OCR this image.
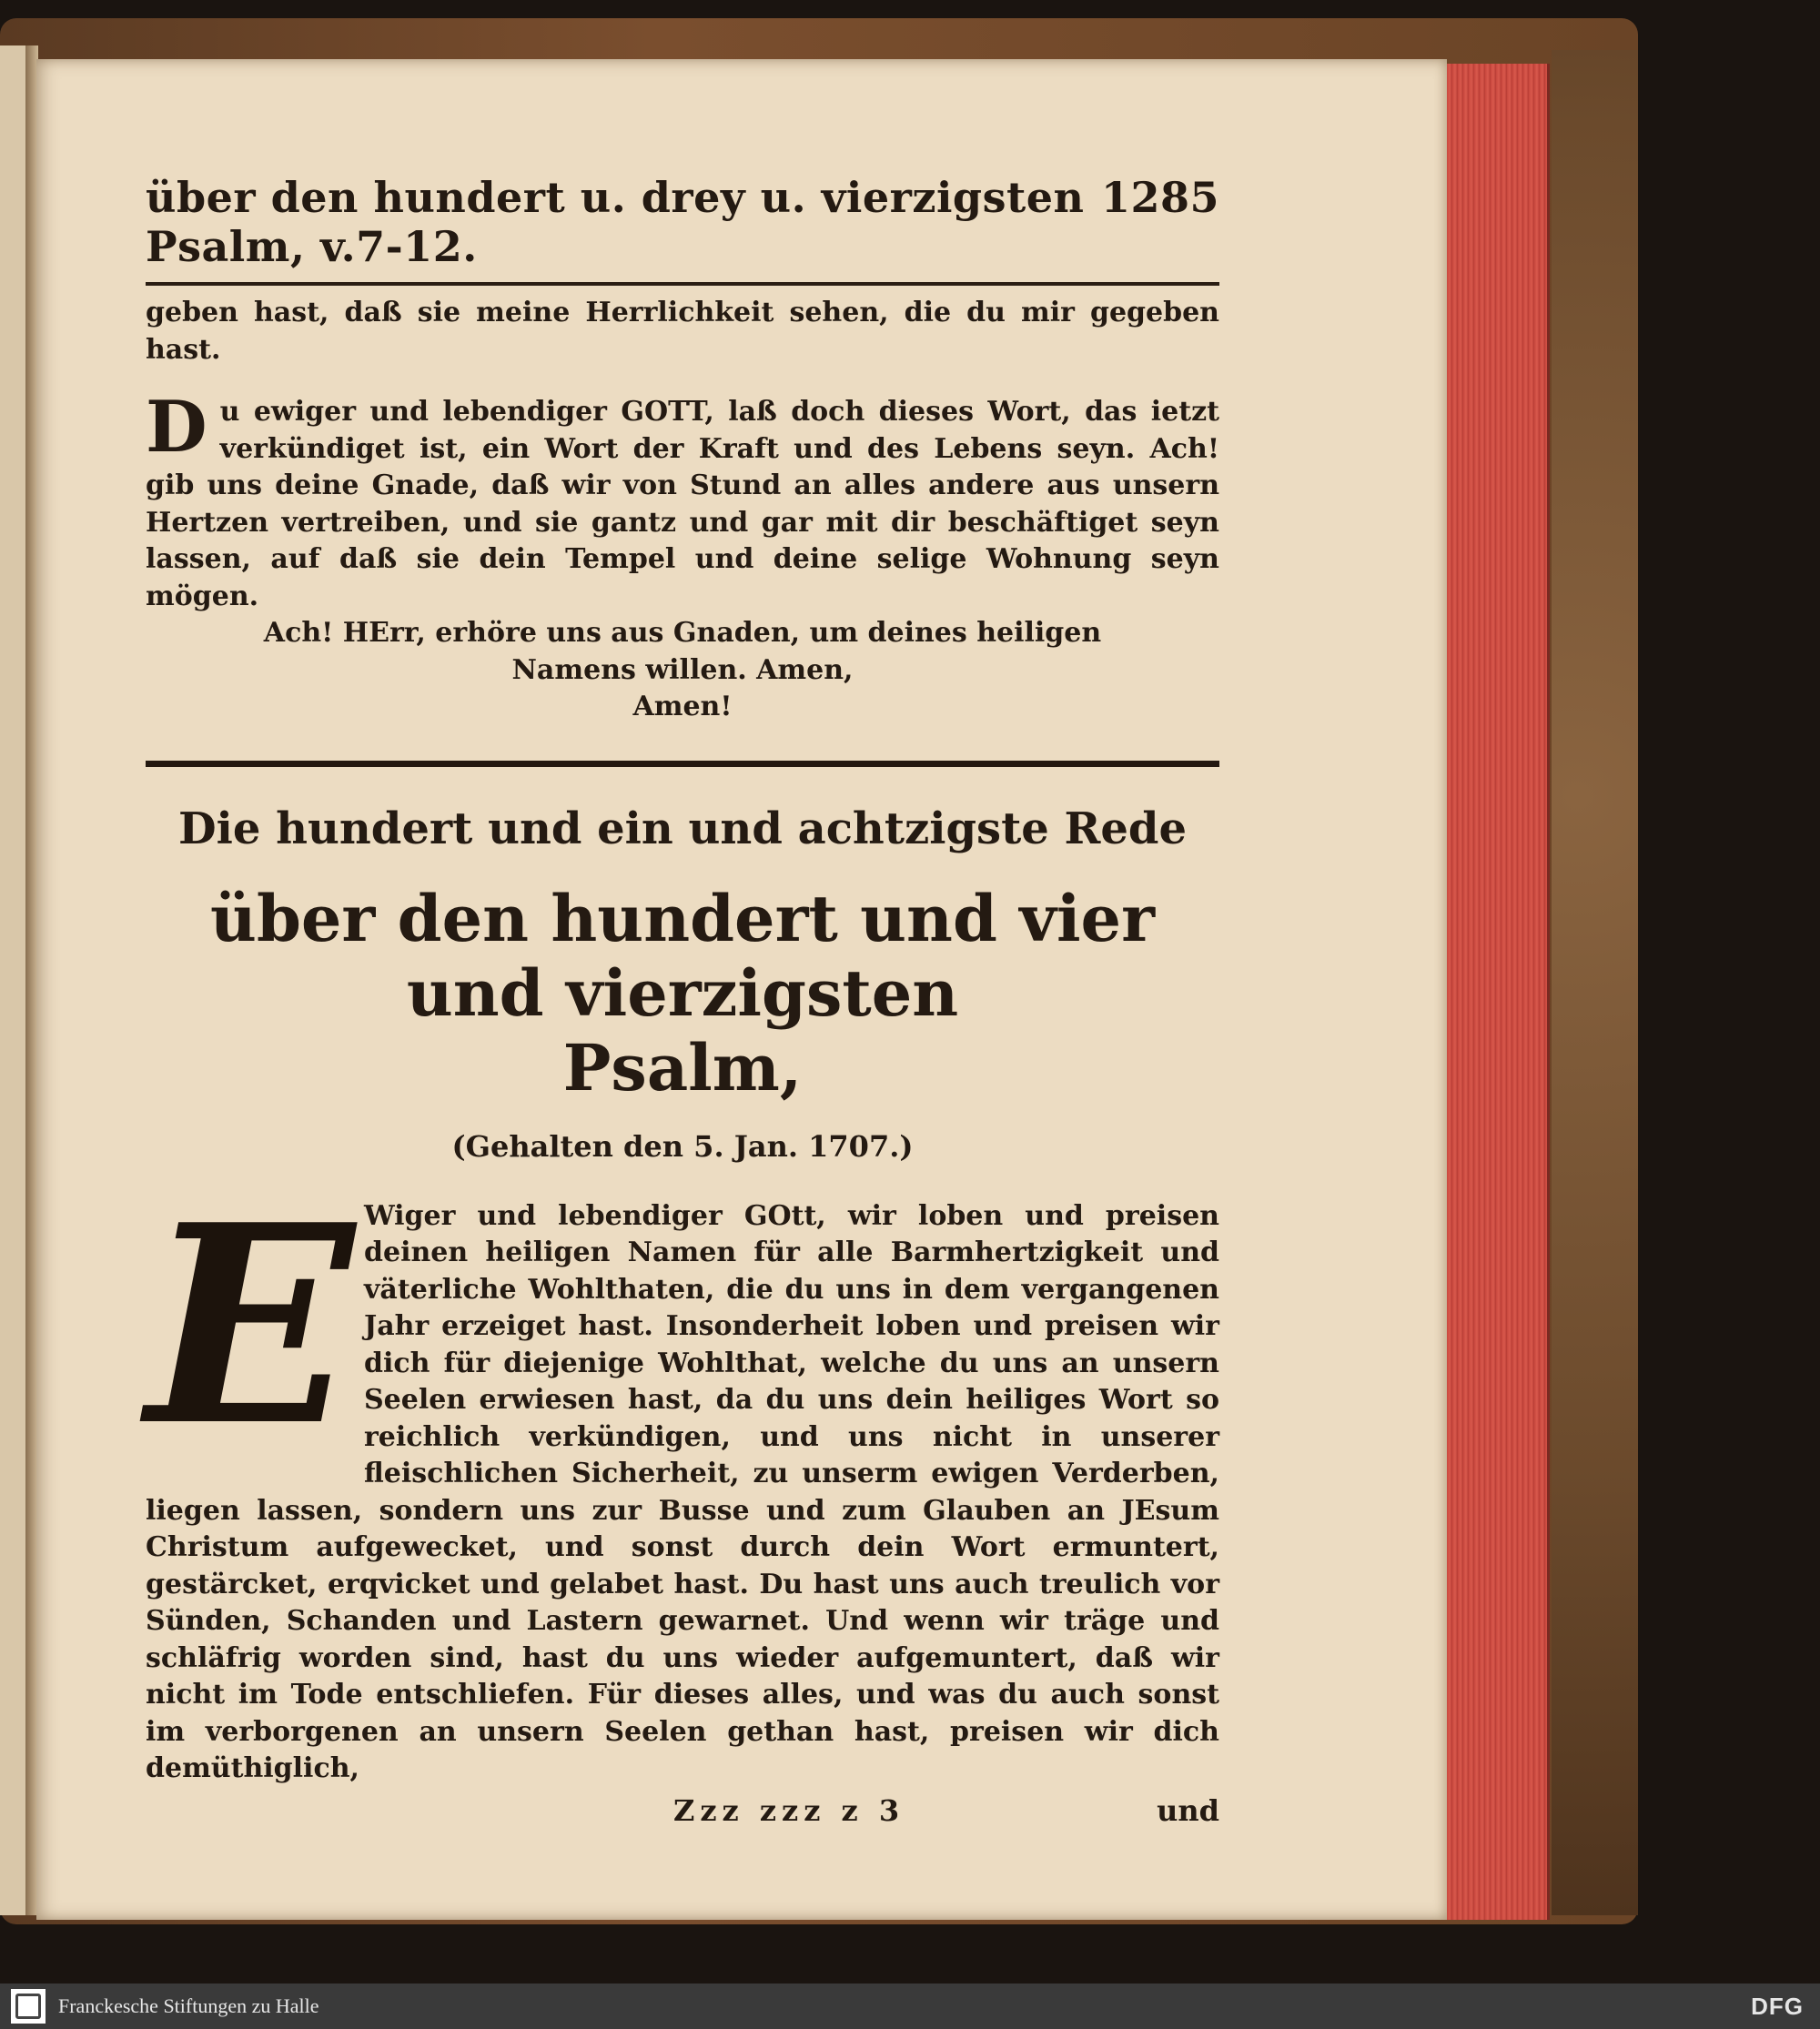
über den hundert u. drey u. vierzigsten Psalm, v.7-12.
1285

geben hast, daß sie meine Herrlichkeit sehen, die du mir gegeben hast.

D u ewiger und lebendiger GOTT, laß doch dieses Wort, das ietzt verkündiget ist, ein Wort der Kraft und des Lebens seyn. Ach! gib uns deine Gnade, daß wir von Stund an alles andere aus unsern Hertzen vertreiben, und sie gantz und gar mit dir beschäftiget seyn lassen, auf daß sie dein Tempel und deine selige Wohnung seyn mögen.

Ach! HErr, erhöre uns aus Gnaden, um deines heiligen

Namens willen. Amen,

Amen!

Die hundert und ein und achtzigste Rede
über den hundert und vier und vierzigsten
Psalm,
(Gehalten den 5. Jan. 1707.)
E Wiger und lebendiger GOtt, wir loben und preisen deinen heiligen Namen für alle Barmhertzigkeit und väterliche Wohlthaten, die du uns in dem vergangenen Jahr erzeiget hast. Insonderheit loben und preisen wir dich für diejenige Wohlthat, welche du uns an unsern Seelen erwiesen hast, da du uns dein heiliges Wort so reichlich verkündigen, und uns nicht in unserer fleischlichen Sicherheit, zu unserm ewigen Verderben, liegen lassen, sondern uns zur Busse und zum Glauben an JEsum Christum aufgewecket, und sonst durch dein Wort ermuntert, gestärcket, erqvicket und gelabet hast. Du hast uns auch treulich vor Sünden, Schanden und Lastern gewarnet. Und wenn wir träge und schläfrig worden sind, hast du uns wieder aufgemuntert, daß wir nicht im Tode entschliefen. Für dieses alles, und was du auch sonst im verborgenen an unsern Seelen gethan hast, preisen wir dich demüthiglich,

Zzz zzz z 3	und
Franckesche Stiftungen zu Halle	DFG
